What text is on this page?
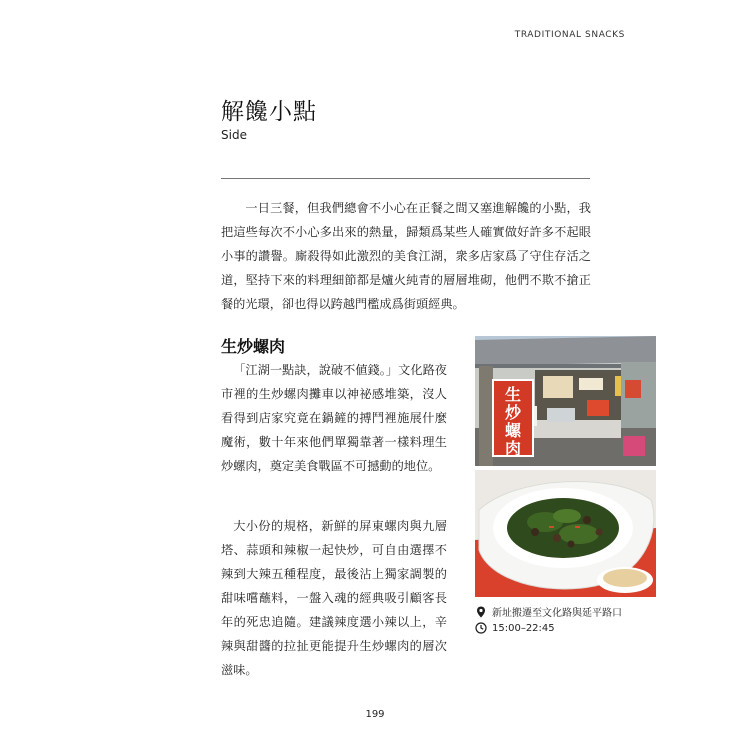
TRADITIONAL SNACKS
解饞小點
Side

一日三餐，但我們總會不小心在正餐之間又塞進解饞的小點，我把這些每次不小心多出來的熱量，歸類爲某些人確實做好許多不起眼小事的讚譽。廝殺得如此激烈的美食江湖，衆多店家爲了守住存活之道，堅持下來的料理細節都是爐火純青的層層堆砌，他們不欺不搶正餐的光環，卻也得以跨越門檻成爲街頭經典。

生炒螺肉

「江湖一點訣，說破不値錢。」文化路夜市裡的生炒螺肉攤車以神祕感堆築，沒人看得到店家究竟在鍋鏟的搏鬥裡施展什麼魔術，數十年來他們單獨靠著一樣料理生炒螺肉，奠定美食戰區不可撼動的地位。

大小份的規格，新鮮的屏東螺肉與九層塔、蒜頭和辣椒一起快炒，可自由選擇不辣到大辣五種程度，最後沾上獨家調製的甜味嚐蘸料，一盤入魂的經典吸引顧客長年的死忠追隨。建議辣度選小辣以上，辛辣與甜醬的拉扯更能提升生炒螺肉的層次滋味。

生
炒
螺
肉
新址搬遷至文化路與延平路口
15:00–22:45
199
